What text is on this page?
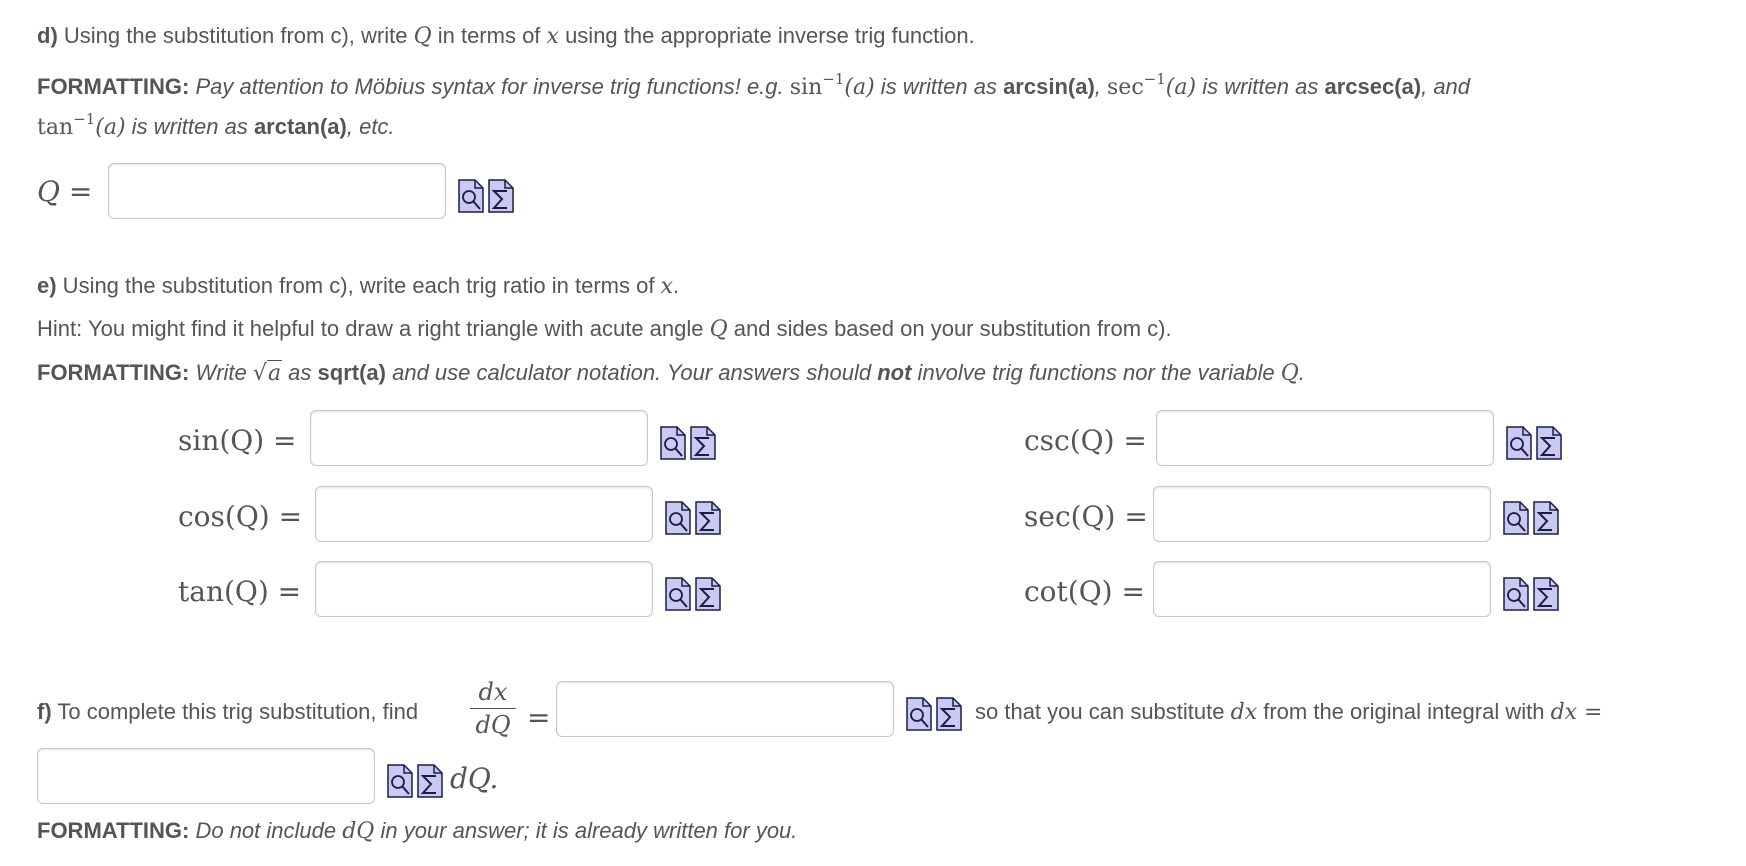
d) Using the substitution from c), write Q in terms of x using the appropriate inverse trig function.
FORMATTING: Pay attention to Möbius syntax for inverse trig functions! e.g. $\sin^{-1}(a)$ is written as arcsin(a), $\sec^{-1}(a)$ is written as arcsec(a), and
$\tan^{-1}(a)$ is written as arctan(a), etc.
Q =
e) Using the substitution from c), write each trig ratio in terms of x.
Hint: You might find it helpful to draw a right triangle with acute angle Q and sides based on your substitution from c).
FORMATTING: Write √a as sqrt(a) and use calculator notation. Your answers should not involve trig functions nor the variable Q.
sin(Q) =
cos(Q) =
tan(Q) =
csc(Q) =
sec(Q) =
cot(Q) =
f) To complete this trig substitution, find
dx
dQ =	so that you can substitute dx from the original integral with dx =
dQ.
FORMATTING: Do not include dQ in your answer; it is already written for you.
